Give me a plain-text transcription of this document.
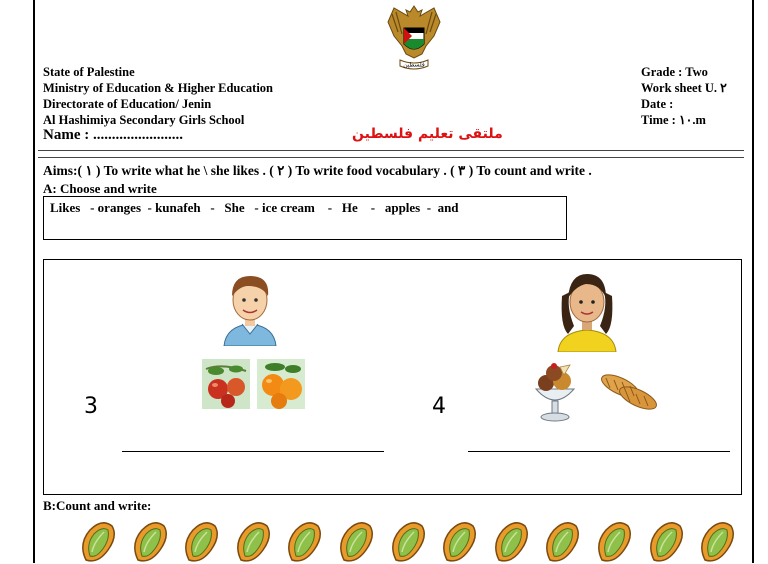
فلسطين
State of Palestine
Ministry of Education & Higher Education
Directorate of Education/ Jenin
Al Hashimiya Secondary Girls School
Grade : Two
Work sheet U. ٢
Date :
Time : ١٠.m
Name : ........................	ملتقى تعليم فلسطين
Aims:( ١ ) To write what he \ she likes . ( ٢ ) To write food vocabulary . ( ٣ ) To count and write .
A: Choose and write
Likes   - oranges  - kunafeh   -   She   - ice cream    -   He    -   apples  -  and
3	4
B:Count and write:
